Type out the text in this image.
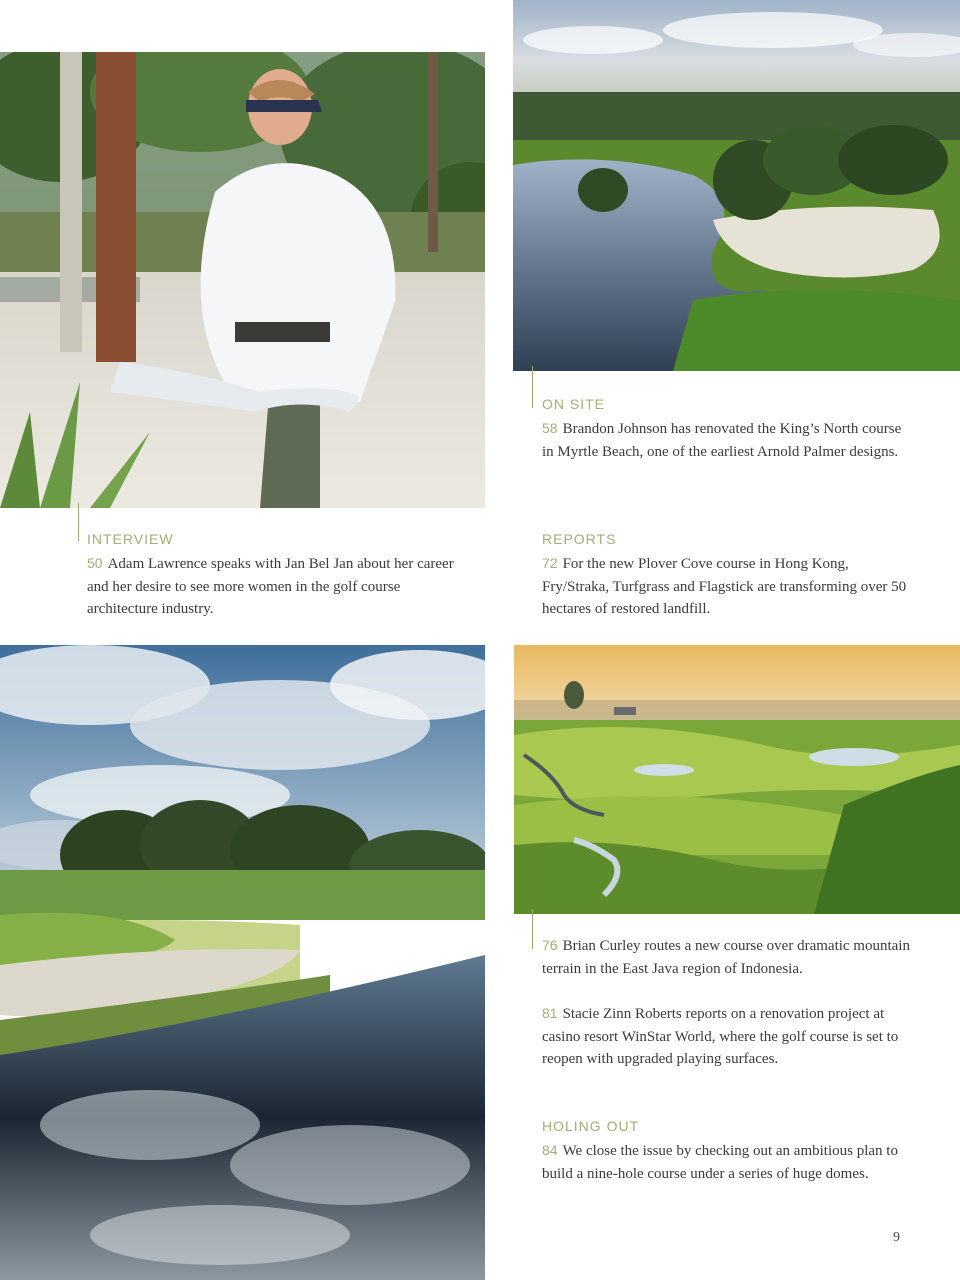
INTERVIEW

50 Adam Lawrence speaks with Jan Bel Jan about her career and her desire to see more women in the golf course architecture industry.

ON SITE

58 Brandon Johnson has renovated the King’s North course in Myrtle Beach, one of the earliest Arnold Palmer designs.

REPORTS

72 For the new Plover Cove course in Hong Kong, Fry/Straka, Turfgrass and Flagstick are transforming over 50 hectares of restored landfill.

76 Brian Curley routes a new course over dramatic mountain terrain in the East Java region of Indonesia.

81 Stacie Zinn Roberts reports on a renovation project at casino resort WinStar World, where the golf course is set to reopen with upgraded playing surfaces.

HOLING OUT

84 We close the issue by checking out an ambitious plan to build a nine-hole course under a series of huge domes.

9
